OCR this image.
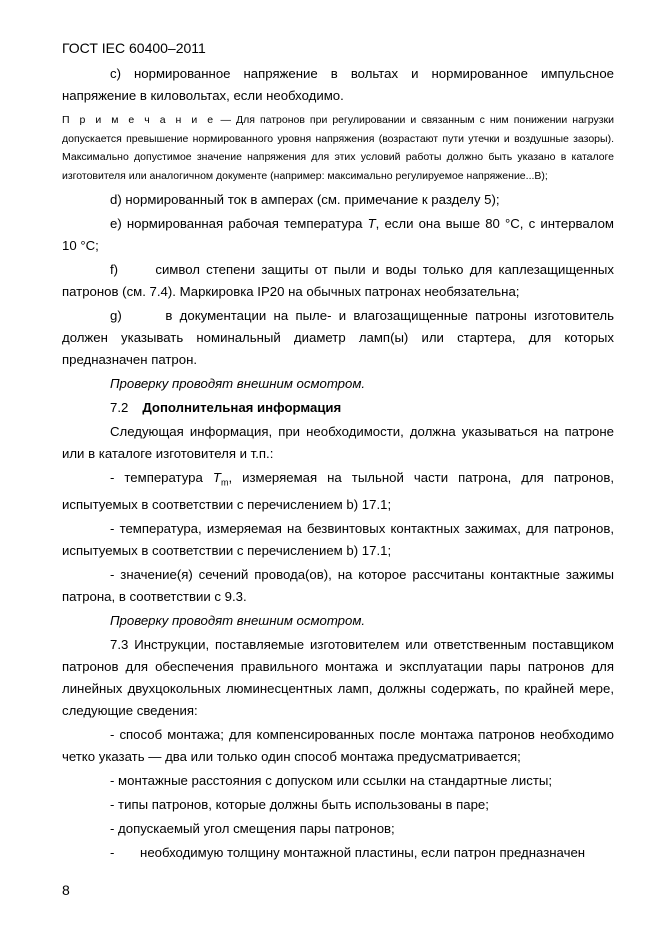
ГОСТ IEC 60400–2011

с) нормированное напряжение в вольтах и нормированное импульсное напряжение в киловольтах, если необходимо.

П р и м е ч а н и е — Для патронов при регулировании и связанным с ним понижении нагрузки допускается превышение нормированного уровня напряжения (возрастают пути утечки и воздушные зазоры). Максимально допустимое значение напряжения для этих условий работы должно быть указано в каталоге изготовителя или аналогичном документе (например: максимально регулируемое напряжение...В);

d) нормированный ток в амперах (см. примечание к разделу 5);

е) нормированная рабочая температура T, если она выше 80 °С, с интервалом 10 °С;

f)      символ степени защиты от пыли и воды только для каплезащищенных патронов (см. 7.4). Маркировка IP20 на обычных патронах необязательна;

g)      в документации на пыле- и влагозащищенные патроны изготовитель должен указывать номинальный диаметр ламп(ы) или стартера, для которых предназначен патрон.

Проверку проводят внешним осмотром.

7.2 Дополнительная информация

Следующая информация, при необходимости, должна указываться на патроне или в каталоге изготовителя и т.п.:

- температура $T_m$, измеряемая на тыльной части патрона, для патронов, испытуемых в соответствии с перечислением b) 17.1;

- температура, измеряемая на безвинтовых контактных зажимах, для патронов, испытуемых в соответствии с перечислением b) 17.1;

- значение(я) сечений провода(ов), на которое рассчитаны контактные зажимы патрона, в соответствии с 9.3.

Проверку проводят внешним осмотром.

7.3 Инструкции, поставляемые изготовителем или ответственным поставщиком патронов для обеспечения правильного монтажа и эксплуатации пары патронов для линейных двухцокольных люминесцентных ламп, должны содержать, по крайней мере, следующие сведения:

- способ монтажа; для компенсированных после монтажа патронов необходимо четко указать — два или только один способ монтажа предусматривается;

- монтажные расстояния с допуском или ссылки на стандартные листы;

- типы патронов, которые должны быть использованы в паре;

- допускаемый угол смещения пары патронов;

-       необходимую толщину монтажной пластины, если патрон предназначен

8
